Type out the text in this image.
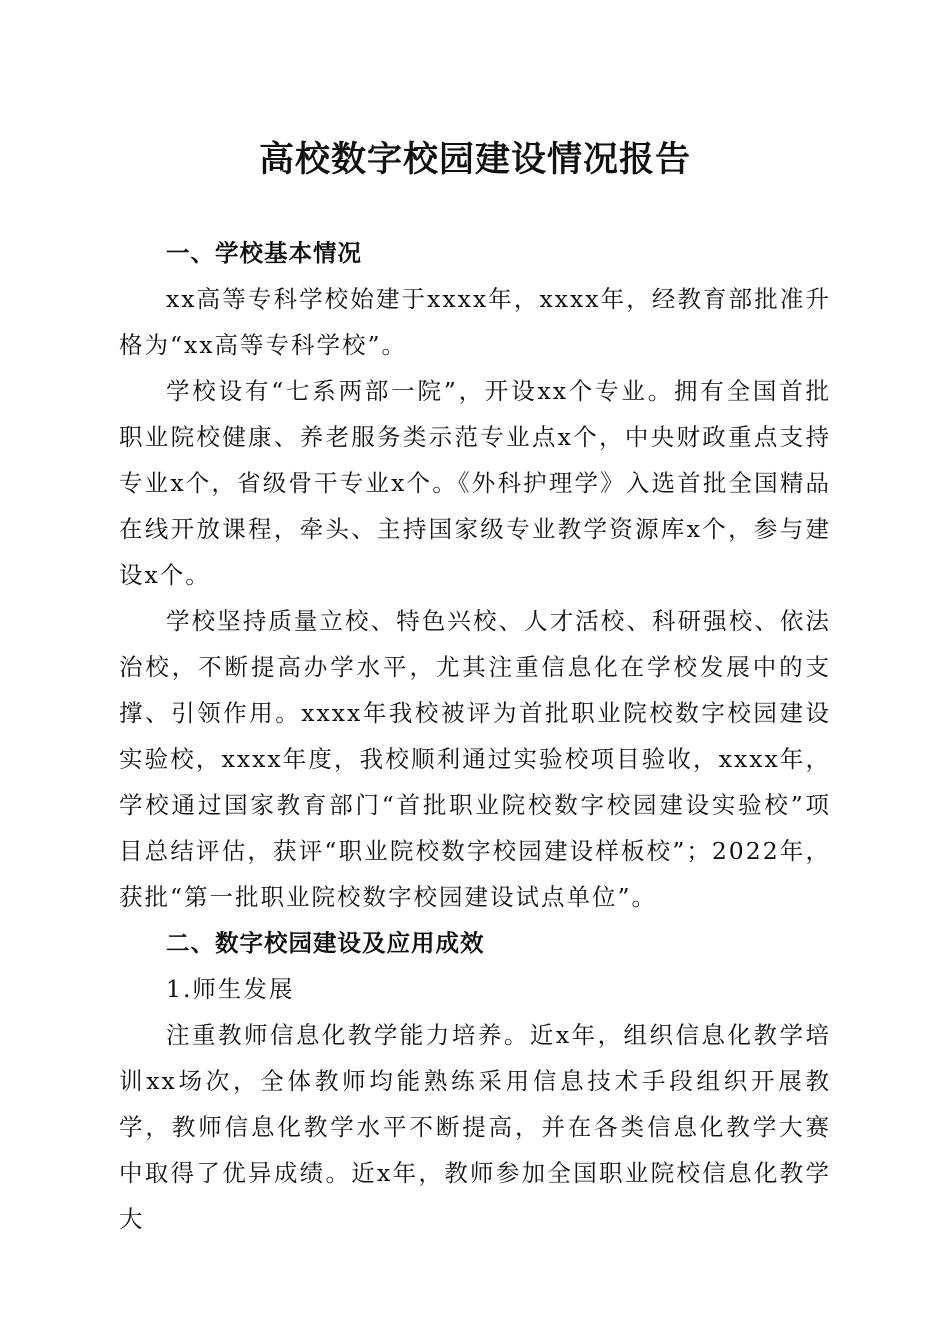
高校数字校园建设情况报告
一、学校基本情况

xx高等专科学校始建于xxxx年，xxxx年，经教育部批准升格为“xx高等专科学校”。

学校设有“七系两部一院”，开设xx个专业。拥有全国首批职业院校健康、养老服务类示范专业点x个，中央财政重点支持专业x个，省级骨干专业x个。《外科护理学》入选首批全国精品在线开放课程，牵头、主持国家级专业教学资源库x个，参与建设x个。

学校坚持质量立校、特色兴校、人才活校、科研强校、依法治校，不断提高办学水平，尤其注重信息化在学校发展中的支撑、引领作用。xxxx年我校被评为首批职业院校数字校园建设实验校，xxxx年度，我校顺利通过实验校项目验收，xxxx年，学校通过国家教育部门“首批职业院校数字校园建设实验校”项目总结评估，获评“职业院校数字校园建设样板校”；2022年，获批“第一批职业院校数字校园建设试点单位”。

二、数字校园建设及应用成效
1.师生发展

注重教师信息化教学能力培养。近x年，组织信息化教学培训xx场次，全体教师均能熟练采用信息技术手段组织开展教学，教师信息化教学水平不断提高，并在各类信息化教学大赛中取得了优异成绩。近x年，教师参加全国职业院校信息化教学大
